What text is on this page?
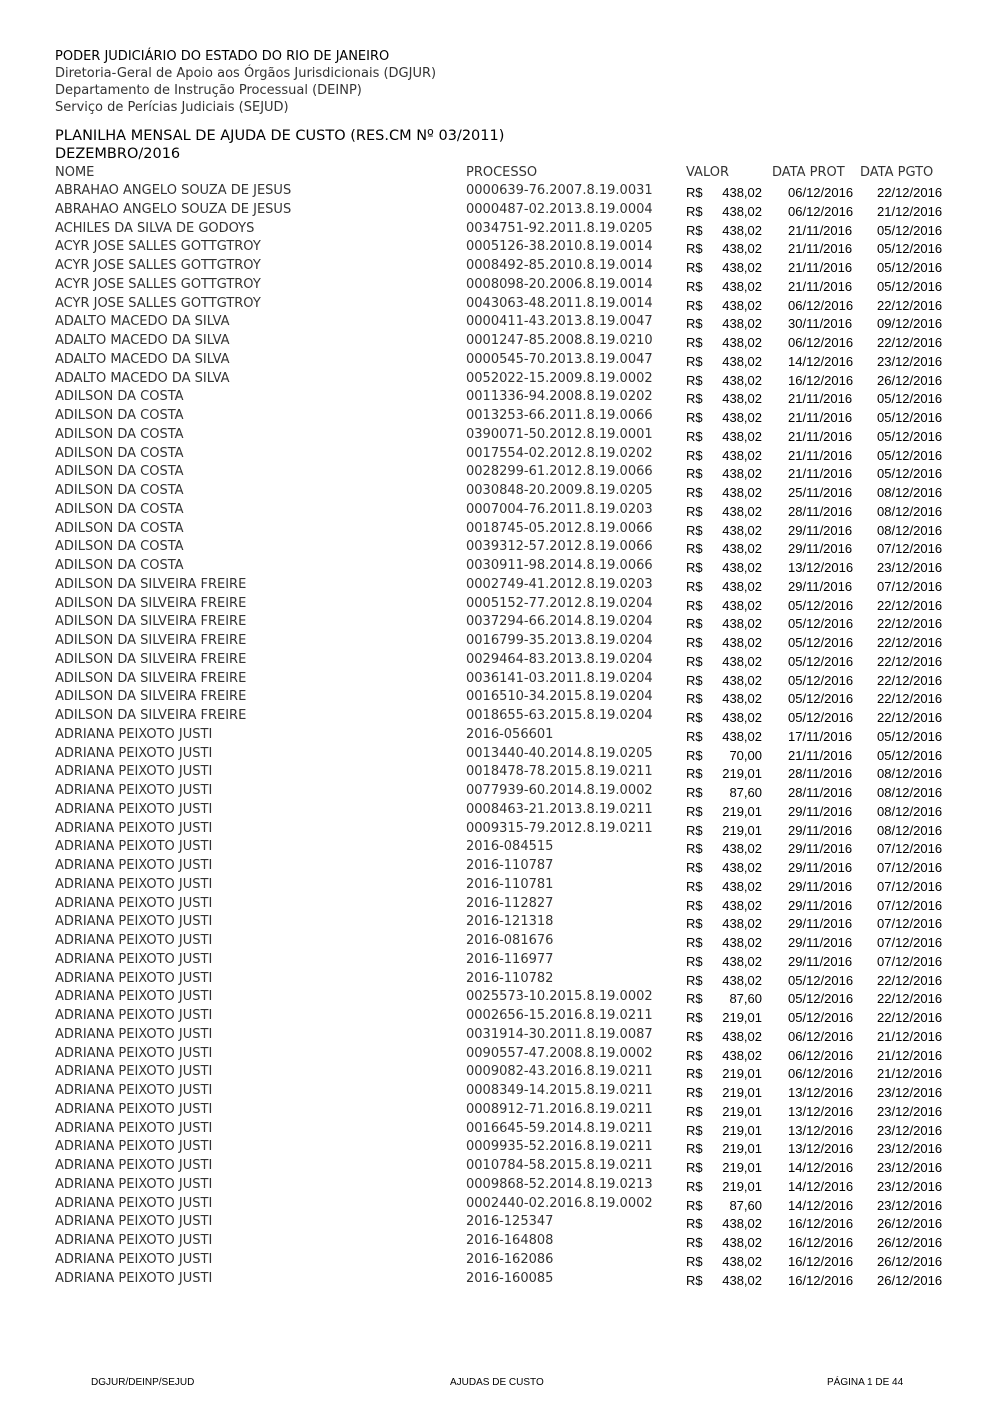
PODER JUDICIÁRIO DO ESTADO DO RIO DE JANEIRO
Diretoria-Geral de Apoio aos Órgãos Jurisdicionais (DGJUR)
Departamento de Instrução Processual (DEINP)
Serviço de Perícias Judiciais (SEJUD)
PLANILHA MENSAL DE AJUDA DE CUSTO (RES.CM Nº 03/2011)
DEZEMBRO/2016
NOME	PROCESSO	VALOR	DATA PROT DATA PGTO
ABRAHAO ANGELO SOUZA DE JESUS	0000639-76.2007.8.19.0031	R$	438,02 06/12/2016 22/12/2016
ABRAHAO ANGELO SOUZA DE JESUS	0000487-02.2013.8.19.0004	R$	438,02 06/12/2016 21/12/2016
ACHILES DA SILVA DE GODOYS	0034751-92.2011.8.19.0205	R$	438,02 21/11/2016 05/12/2016
ACYR JOSE SALLES GOTTGTROY	0005126-38.2010.8.19.0014	R$	438,02 21/11/2016 05/12/2016
ACYR JOSE SALLES GOTTGTROY	0008492-85.2010.8.19.0014	R$	438,02 21/11/2016 05/12/2016
ACYR JOSE SALLES GOTTGTROY	0008098-20.2006.8.19.0014	R$	438,02 21/11/2016 05/12/2016
ACYR JOSE SALLES GOTTGTROY	0043063-48.2011.8.19.0014	R$	438,02 06/12/2016 22/12/2016
ADALTO MACEDO DA SILVA	0000411-43.2013.8.19.0047	R$	438,02 30/11/2016 09/12/2016
ADALTO MACEDO DA SILVA	0001247-85.2008.8.19.0210	R$	438,02 06/12/2016 22/12/2016
ADALTO MACEDO DA SILVA	0000545-70.2013.8.19.0047	R$	438,02 14/12/2016 23/12/2016
ADALTO MACEDO DA SILVA	0052022-15.2009.8.19.0002	R$	438,02 16/12/2016 26/12/2016
ADILSON DA COSTA	0011336-94.2008.8.19.0202	R$	438,02 21/11/2016 05/12/2016
ADILSON DA COSTA	0013253-66.2011.8.19.0066	R$	438,02 21/11/2016 05/12/2016
ADILSON DA COSTA	0390071-50.2012.8.19.0001	R$	438,02 21/11/2016 05/12/2016
ADILSON DA COSTA	0017554-02.2012.8.19.0202	R$	438,02 21/11/2016 05/12/2016
ADILSON DA COSTA	0028299-61.2012.8.19.0066	R$	438,02 21/11/2016 05/12/2016
ADILSON DA COSTA	0030848-20.2009.8.19.0205	R$	438,02 25/11/2016 08/12/2016
ADILSON DA COSTA	0007004-76.2011.8.19.0203	R$	438,02 28/11/2016 08/12/2016
ADILSON DA COSTA	0018745-05.2012.8.19.0066	R$	438,02 29/11/2016 08/12/2016
ADILSON DA COSTA	0039312-57.2012.8.19.0066	R$	438,02 29/11/2016 07/12/2016
ADILSON DA COSTA	0030911-98.2014.8.19.0066	R$	438,02 13/12/2016 23/12/2016
ADILSON DA SILVEIRA FREIRE	0002749-41.2012.8.19.0203	R$	438,02 29/11/2016 07/12/2016
ADILSON DA SILVEIRA FREIRE	0005152-77.2012.8.19.0204	R$	438,02 05/12/2016 22/12/2016
ADILSON DA SILVEIRA FREIRE	0037294-66.2014.8.19.0204	R$	438,02 05/12/2016 22/12/2016
ADILSON DA SILVEIRA FREIRE	0016799-35.2013.8.19.0204	R$	438,02 05/12/2016 22/12/2016
ADILSON DA SILVEIRA FREIRE	0029464-83.2013.8.19.0204	R$	438,02 05/12/2016 22/12/2016
ADILSON DA SILVEIRA FREIRE	0036141-03.2011.8.19.0204	R$	438,02 05/12/2016 22/12/2016
ADILSON DA SILVEIRA FREIRE	0016510-34.2015.8.19.0204	R$	438,02 05/12/2016 22/12/2016
ADILSON DA SILVEIRA FREIRE	0018655-63.2015.8.19.0204	R$	438,02 05/12/2016 22/12/2016
ADRIANA PEIXOTO JUSTI	2016-056601	R$	438,02 17/11/2016 05/12/2016
ADRIANA PEIXOTO JUSTI	0013440-40.2014.8.19.0205	R$	70,00 21/11/2016 05/12/2016
ADRIANA PEIXOTO JUSTI	0018478-78.2015.8.19.0211	R$	219,01 28/11/2016 08/12/2016
ADRIANA PEIXOTO JUSTI	0077939-60.2014.8.19.0002	R$	87,60 28/11/2016 08/12/2016
ADRIANA PEIXOTO JUSTI	0008463-21.2013.8.19.0211	R$	219,01 29/11/2016 08/12/2016
ADRIANA PEIXOTO JUSTI	0009315-79.2012.8.19.0211	R$	219,01 29/11/2016 08/12/2016
ADRIANA PEIXOTO JUSTI	2016-084515	R$	438,02 29/11/2016 07/12/2016
ADRIANA PEIXOTO JUSTI	2016-110787	R$	438,02 29/11/2016 07/12/2016
ADRIANA PEIXOTO JUSTI	2016-110781	R$	438,02 29/11/2016 07/12/2016
ADRIANA PEIXOTO JUSTI	2016-112827	R$	438,02 29/11/2016 07/12/2016
ADRIANA PEIXOTO JUSTI	2016-121318	R$	438,02 29/11/2016 07/12/2016
ADRIANA PEIXOTO JUSTI	2016-081676	R$	438,02 29/11/2016 07/12/2016
ADRIANA PEIXOTO JUSTI	2016-116977	R$	438,02 29/11/2016 07/12/2016
ADRIANA PEIXOTO JUSTI	2016-110782	R$	438,02 05/12/2016 22/12/2016
ADRIANA PEIXOTO JUSTI	0025573-10.2015.8.19.0002	R$	87,60 05/12/2016 22/12/2016
ADRIANA PEIXOTO JUSTI	0002656-15.2016.8.19.0211	R$	219,01 05/12/2016 22/12/2016
ADRIANA PEIXOTO JUSTI	0031914-30.2011.8.19.0087	R$	438,02 06/12/2016 21/12/2016
ADRIANA PEIXOTO JUSTI	0090557-47.2008.8.19.0002	R$	438,02 06/12/2016 21/12/2016
ADRIANA PEIXOTO JUSTI	0009082-43.2016.8.19.0211	R$	219,01 06/12/2016 21/12/2016
ADRIANA PEIXOTO JUSTI	0008349-14.2015.8.19.0211	R$	219,01 13/12/2016 23/12/2016
ADRIANA PEIXOTO JUSTI	0008912-71.2016.8.19.0211	R$	219,01 13/12/2016 23/12/2016
ADRIANA PEIXOTO JUSTI	0016645-59.2014.8.19.0211	R$	219,01 13/12/2016 23/12/2016
ADRIANA PEIXOTO JUSTI	0009935-52.2016.8.19.0211	R$	219,01 13/12/2016 23/12/2016
ADRIANA PEIXOTO JUSTI	0010784-58.2015.8.19.0211	R$	219,01 14/12/2016 23/12/2016
ADRIANA PEIXOTO JUSTI	0009868-52.2014.8.19.0213	R$	219,01 14/12/2016 23/12/2016
ADRIANA PEIXOTO JUSTI	0002440-02.2016.8.19.0002	R$	87,60 14/12/2016 23/12/2016
ADRIANA PEIXOTO JUSTI	2016-125347	R$	438,02 16/12/2016 26/12/2016
ADRIANA PEIXOTO JUSTI	2016-164808	R$	438,02 16/12/2016 26/12/2016
ADRIANA PEIXOTO JUSTI	2016-162086	R$	438,02 16/12/2016 26/12/2016
ADRIANA PEIXOTO JUSTI	2016-160085	R$	438,02 16/12/2016 26/12/2016
DGJUR/DEINP/SEJUD	AJUDAS DE CUSTO	PÁGINA 1 DE 44
